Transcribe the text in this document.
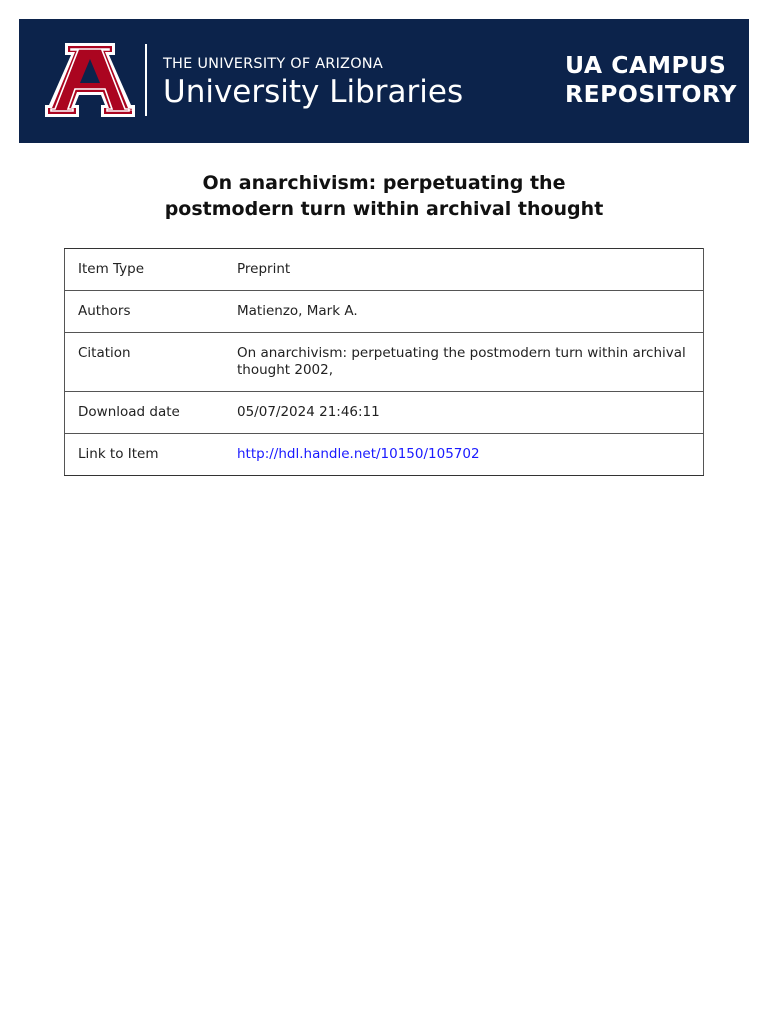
®
THE UNIVERSITY OF ARIZONA
University Libraries
UA CAMPUS
REPOSITORY
On anarchivism: perpetuating the
postmodern turn within archival thought
Item Type	Preprint
Authors	Matienzo, Mark A.
Citation	On anarchivism: perpetuating the postmodern turn within archival thought 2002,
Download date	05/07/2024 21:46:11
Link to Item	http://hdl.handle.net/10150/105702
